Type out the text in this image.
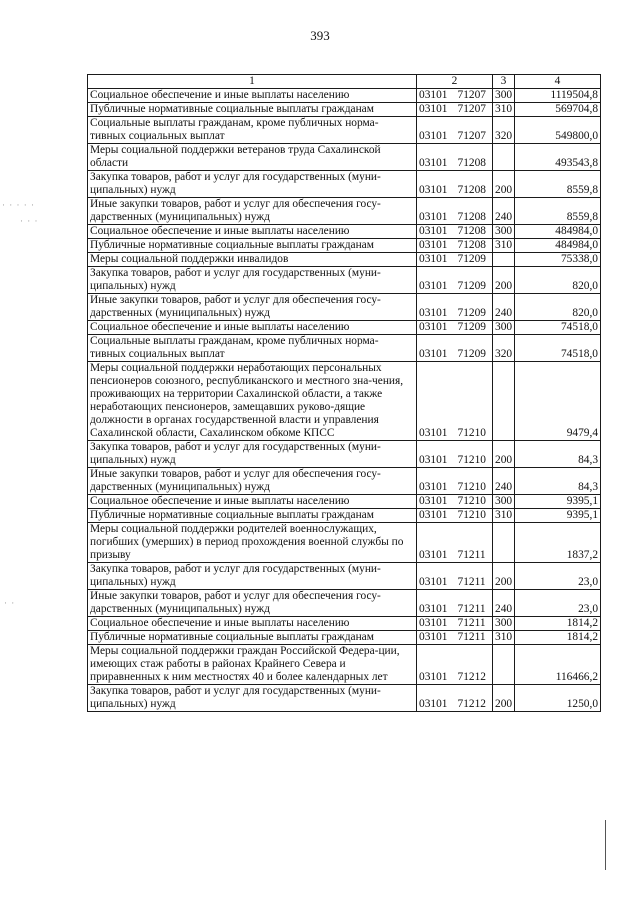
393
· · · · ·
· · ·
· ·
1	2		3	4
Социальное обеспечение и иные выплаты населению	03101	71207	300	1119504,8
Публичные нормативные социальные выплаты гражданам	03101	71207	310	569704,8
Социальные выплаты гражданам, кроме публичных норма-тивных социальных выплат	03101	71207	320	549800,0
Меры социальной поддержки ветеранов труда Сахалинской области	03101	71208		493543,8
Закупка товаров, работ и услуг для государственных (муни-ципальных) нужд	03101	71208	200	8559,8
Иные закупки товаров, работ и услуг для обеспечения госу-дарственных (муниципальных) нужд	03101	71208	240	8559,8
Социальное обеспечение и иные выплаты населению	03101	71208	300	484984,0
Публичные нормативные социальные выплаты гражданам	03101	71208	310	484984,0
Меры социальной поддержки инвалидов	03101	71209		75338,0
Закупка товаров, работ и услуг для государственных (муни-ципальных) нужд	03101	71209	200	820,0
Иные закупки товаров, работ и услуг для обеспечения госу-дарственных (муниципальных) нужд	03101	71209	240	820,0
Социальное обеспечение и иные выплаты населению	03101	71209	300	74518,0
Социальные выплаты гражданам, кроме публичных норма-тивных социальных выплат	03101	71209	320	74518,0
Меры социальной поддержки неработающих персональных пенсионеров союзного, республиканского и местного зна-чения, проживающих на территории Сахалинской области, а также неработающих пенсионеров, замещавших руково-дящие должности в органах государственной власти и управления Сахалинской области, Сахалинском обкоме КПСС	03101	71210		9479,4
Закупка товаров, работ и услуг для государственных (муни-ципальных) нужд	03101	71210	200	84,3
Иные закупки товаров, работ и услуг для обеспечения госу-дарственных (муниципальных) нужд	03101	71210	240	84,3
Социальное обеспечение и иные выплаты населению	03101	71210	300	9395,1
Публичные нормативные социальные выплаты гражданам	03101	71210	310	9395,1
Меры социальной поддержки родителей военнослужащих, погибших (умерших) в период прохождения военной службы по призыву	03101	71211		1837,2
Закупка товаров, работ и услуг для государственных (муни-ципальных) нужд	03101	71211	200	23,0
Иные закупки товаров, работ и услуг для обеспечения госу-дарственных (муниципальных) нужд	03101	71211	240	23,0
Социальное обеспечение и иные выплаты населению	03101	71211	300	1814,2
Публичные нормативные социальные выплаты гражданам	03101	71211	310	1814,2
Меры социальной поддержки граждан Российской Федера-ции, имеющих стаж работы в районах Крайнего Севера и приравненных к ним местностях 40 и более календарных лет	03101	71212		116466,2
Закупка товаров, работ и услуг для государственных (муни-ципальных) нужд	03101	71212	200	1250,0
